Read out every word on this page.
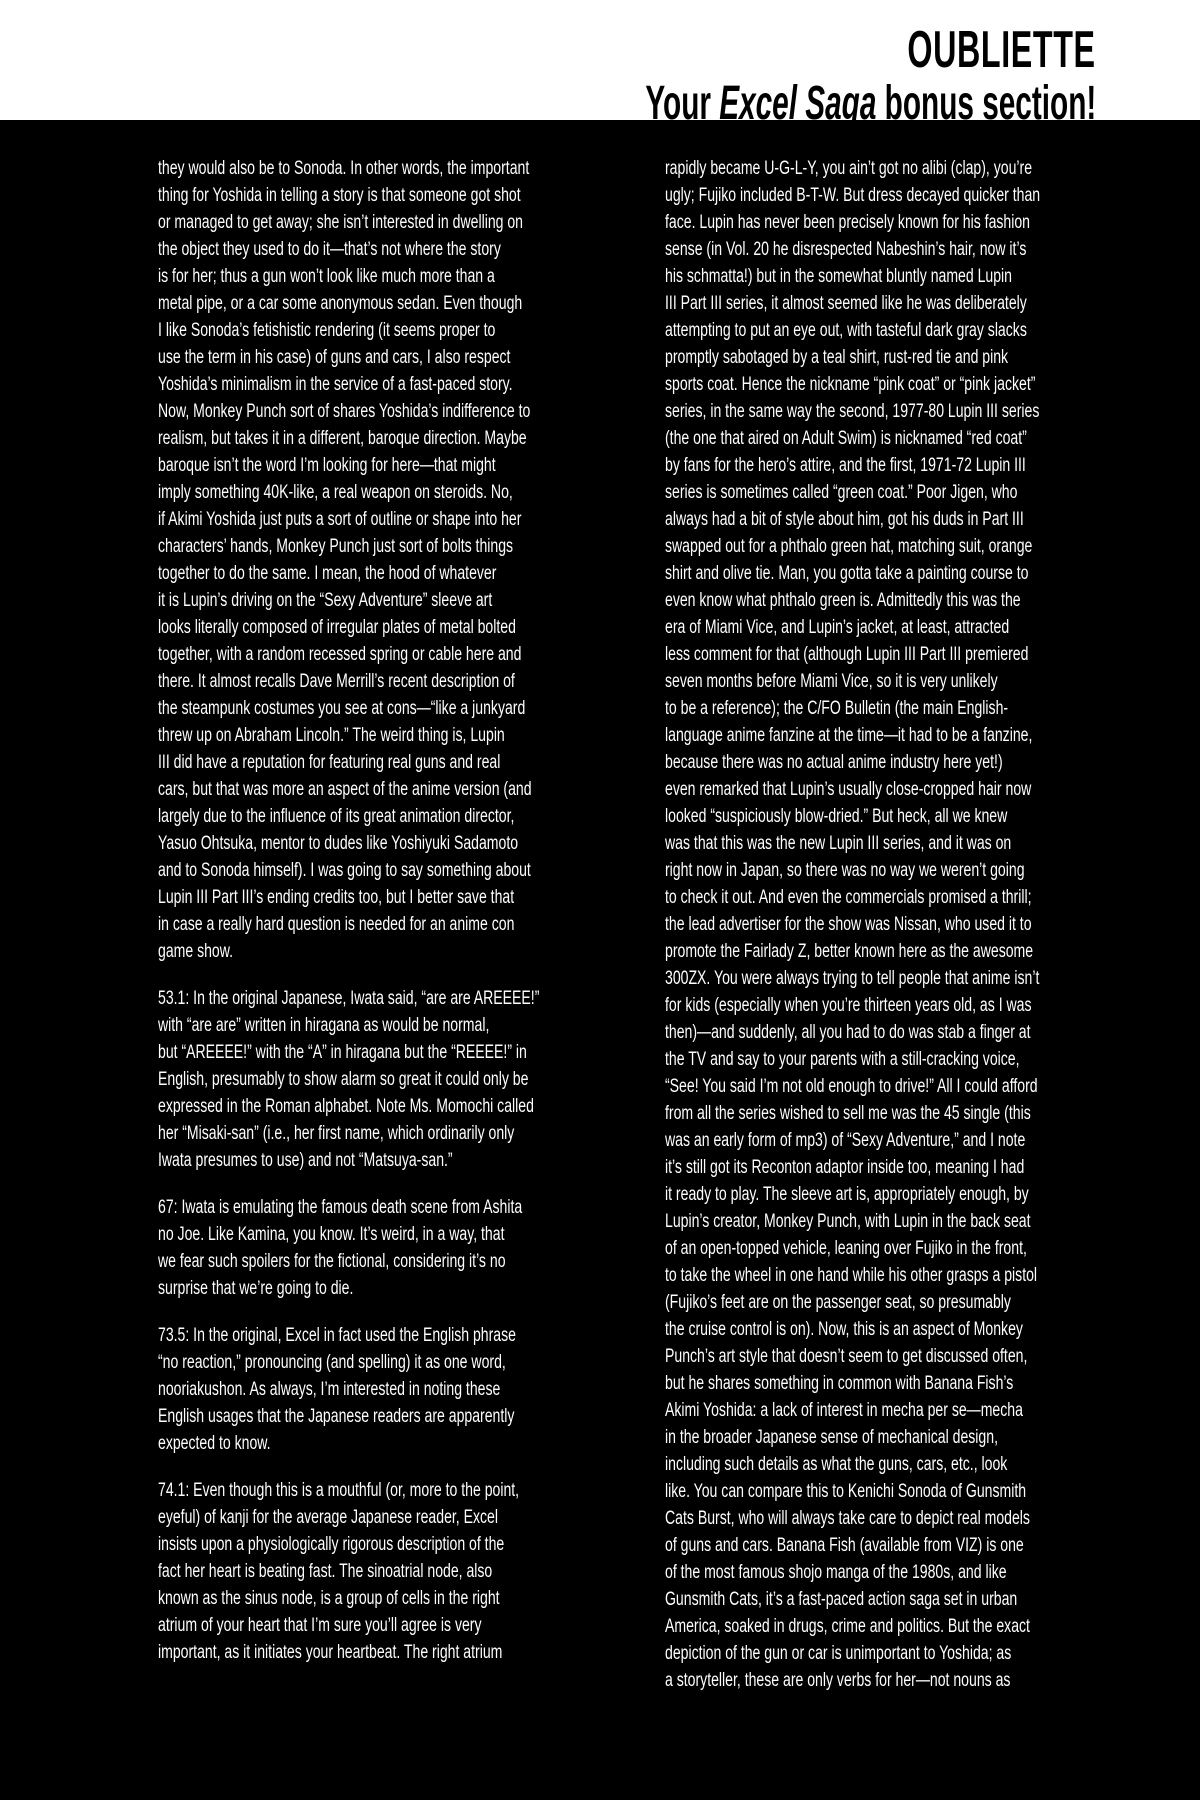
OUBLIETTE
Your Excel Saga bonus section!
they would also be to Sonoda. In other words, the important
thing for Yoshida in telling a story is that someone got shot
or managed to get away; she isn’t interested in dwelling on
the object they used to do it—that’s not where the story
is for her; thus a gun won’t look like much more than a
metal pipe, or a car some anonymous sedan. Even though
I like Sonoda’s fetishistic rendering (it seems proper to
use the term in his case) of guns and cars, I also respect
Yoshida’s minimalism in the service of a fast-paced story.
Now, Monkey Punch sort of shares Yoshida’s indifference to
realism, but takes it in a different, baroque direction. Maybe
baroque isn’t the word I’m looking for here—that might
imply something 40K-like, a real weapon on steroids. No,
if Akimi Yoshida just puts a sort of outline or shape into her
characters’ hands, Monkey Punch just sort of bolts things
together to do the same. I mean, the hood of whatever
it is Lupin’s driving on the “Sexy Adventure” sleeve art
looks literally composed of irregular plates of metal bolted
together, with a random recessed spring or cable here and
there. It almost recalls Dave Merrill’s recent description of
the steampunk costumes you see at cons—“like a junkyard
threw up on Abraham Lincoln.” The weird thing is, Lupin
III did have a reputation for featuring real guns and real
cars, but that was more an aspect of the anime version (and
largely due to the influence of its great animation director,
Yasuo Ohtsuka, mentor to dudes like Yoshiyuki Sadamoto
and to Sonoda himself). I was going to say something about
Lupin III Part III’s ending credits too, but I better save that
in case a really hard question is needed for an anime con
game show.
53.1: In the original Japanese, Iwata said, “are are AREEEE!”
with “are are” written in hiragana as would be normal,
but “AREEEE!” with the “A” in hiragana but the “REEEE!” in
English, presumably to show alarm so great it could only be
expressed in the Roman alphabet. Note Ms. Momochi called
her “Misaki-san” (i.e., her first name, which ordinarily only
Iwata presumes to use) and not “Matsuya-san.”
67: Iwata is emulating the famous death scene from Ashita
no Joe. Like Kamina, you know. It’s weird, in a way, that
we fear such spoilers for the fictional, considering it’s no
surprise that we’re going to die.
73.5: In the original, Excel in fact used the English phrase
“no reaction,” pronouncing (and spelling) it as one word,
nooriakushon. As always, I’m interested in noting these
English usages that the Japanese readers are apparently
expected to know.
74.1: Even though this is a mouthful (or, more to the point,
eyeful) of kanji for the average Japanese reader, Excel
insists upon a physiologically rigorous description of the
fact her heart is beating fast. The sinoatrial node, also
known as the sinus node, is a group of cells in the right
atrium of your heart that I’m sure you’ll agree is very
important, as it initiates your heartbeat. The right atrium
rapidly became U-G-L-Y, you ain’t got no alibi (clap), you’re
ugly; Fujiko included B-T-W. But dress decayed quicker than
face. Lupin has never been precisely known for his fashion
sense (in Vol. 20 he disrespected Nabeshin’s hair, now it’s
his schmatta!) but in the somewhat bluntly named Lupin
III Part III series, it almost seemed like he was deliberately
attempting to put an eye out, with tasteful dark gray slacks
promptly sabotaged by a teal shirt, rust-red tie and pink
sports coat. Hence the nickname “pink coat” or “pink jacket”
series, in the same way the second, 1977-80 Lupin III series
(the one that aired on Adult Swim) is nicknamed “red coat”
by fans for the hero’s attire, and the first, 1971-72 Lupin III
series is sometimes called “green coat.” Poor Jigen, who
always had a bit of style about him, got his duds in Part III
swapped out for a phthalo green hat, matching suit, orange
shirt and olive tie. Man, you gotta take a painting course to
even know what phthalo green is. Admittedly this was the
era of Miami Vice, and Lupin’s jacket, at least, attracted
less comment for that (although Lupin III Part III premiered
seven months before Miami Vice, so it is very unlikely
to be a reference); the C/FO Bulletin (the main English-
language anime fanzine at the time—it had to be a fanzine,
because there was no actual anime industry here yet!)
even remarked that Lupin’s usually close-cropped hair now
looked “suspiciously blow-dried.” But heck, all we knew
was that this was the new Lupin III series, and it was on
right now in Japan, so there was no way we weren’t going
to check it out. And even the commercials promised a thrill;
the lead advertiser for the show was Nissan, who used it to
promote the Fairlady Z, better known here as the awesome
300ZX. You were always trying to tell people that anime isn’t
for kids (especially when you’re thirteen years old, as I was
then)—and suddenly, all you had to do was stab a finger at
the TV and say to your parents with a still-cracking voice,
“See! You said I’m not old enough to drive!” All I could afford
from all the series wished to sell me was the 45 single (this
was an early form of mp3) of “Sexy Adventure,” and I note
it’s still got its Reconton adaptor inside too, meaning I had
it ready to play. The sleeve art is, appropriately enough, by
Lupin’s creator, Monkey Punch, with Lupin in the back seat
of an open-topped vehicle, leaning over Fujiko in the front,
to take the wheel in one hand while his other grasps a pistol
(Fujiko’s feet are on the passenger seat, so presumably
the cruise control is on). Now, this is an aspect of Monkey
Punch’s art style that doesn’t seem to get discussed often,
but he shares something in common with Banana Fish’s
Akimi Yoshida: a lack of interest in mecha per se—mecha
in the broader Japanese sense of mechanical design,
including such details as what the guns, cars, etc., look
like. You can compare this to Kenichi Sonoda of Gunsmith
Cats Burst, who will always take care to depict real models
of guns and cars. Banana Fish (available from VIZ) is one
of the most famous shojo manga of the 1980s, and like
Gunsmith Cats, it’s a fast-paced action saga set in urban
America, soaked in drugs, crime and politics. But the exact
depiction of the gun or car is unimportant to Yoshida; as
a storyteller, these are only verbs for her—not nouns as
